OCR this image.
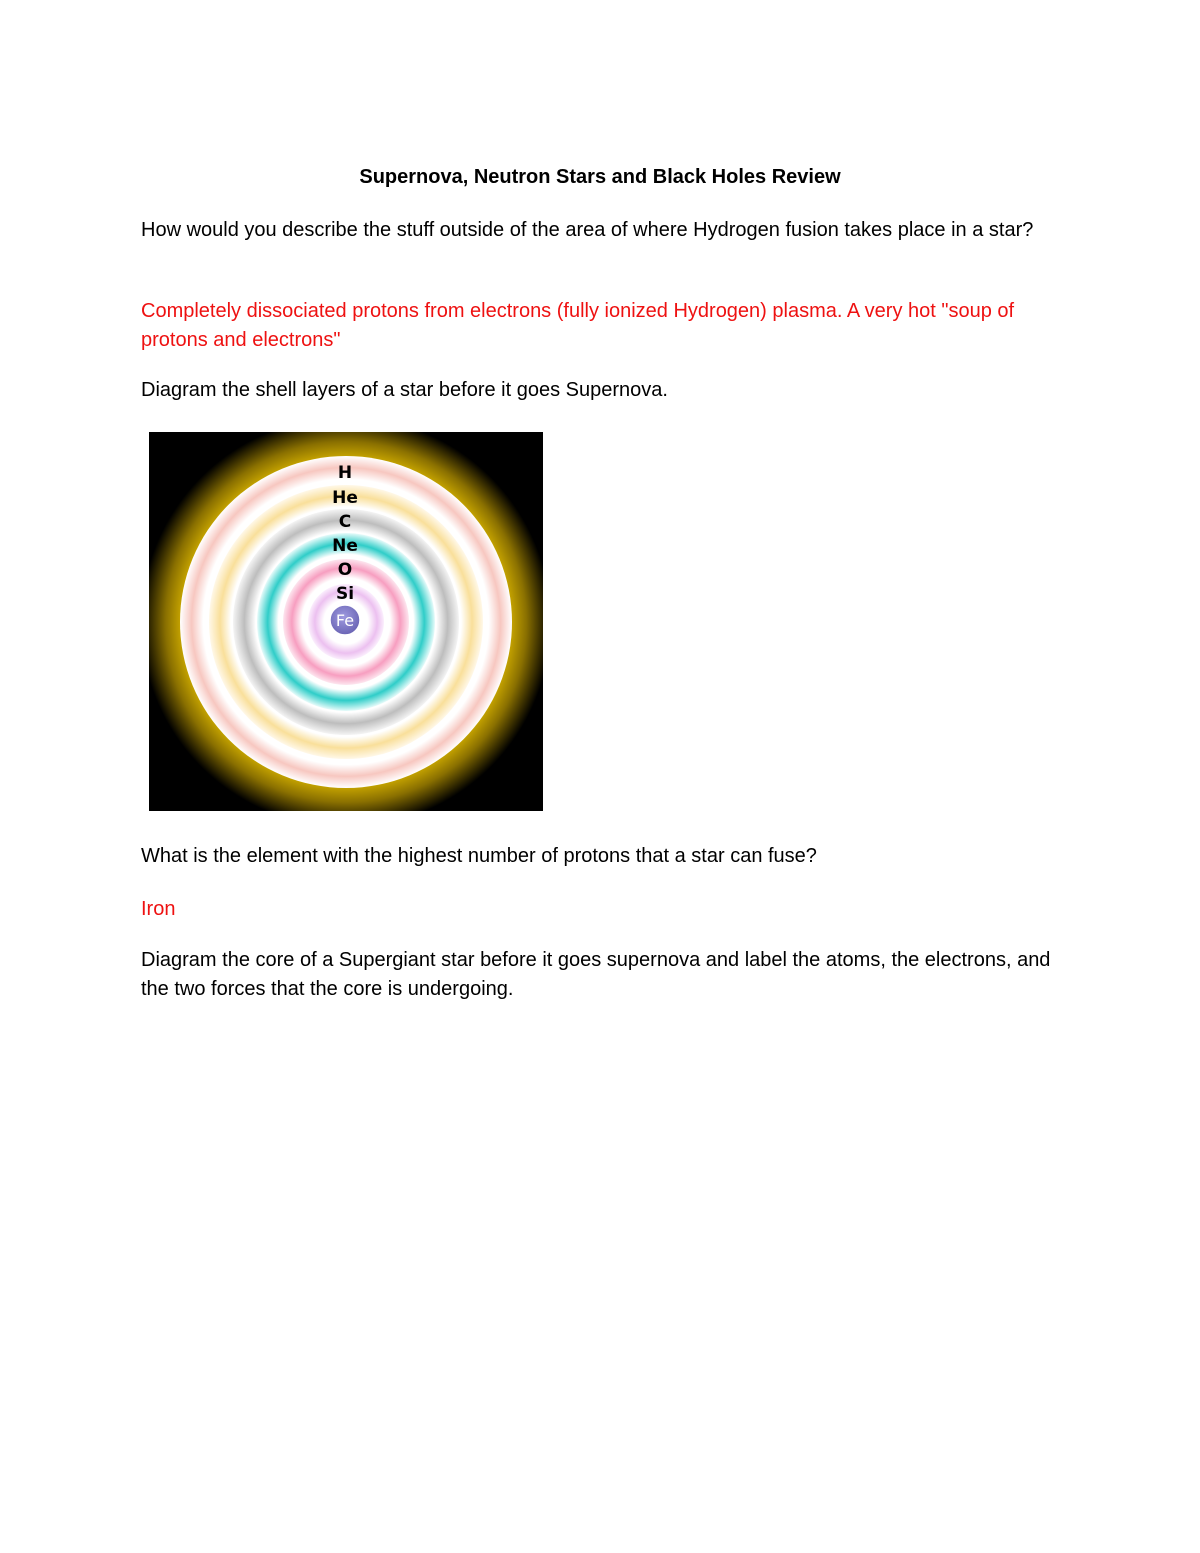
Supernova, Neutron Stars and Black Holes Review

How would you describe the stuff outside of the area of where Hydrogen fusion takes place in a star?

Completely dissociated protons from electrons (fully ionized Hydrogen) plasma. A very hot "soup of protons and electrons"

Diagram the shell layers of a star before it goes Supernova.

H
He
C
Ne
O
Si
Fe

What is the element with the highest number of protons that a star can fuse?

Iron

Diagram the core of a Supergiant star before it goes supernova and label the atoms, the electrons, and the two forces that the core is undergoing.
